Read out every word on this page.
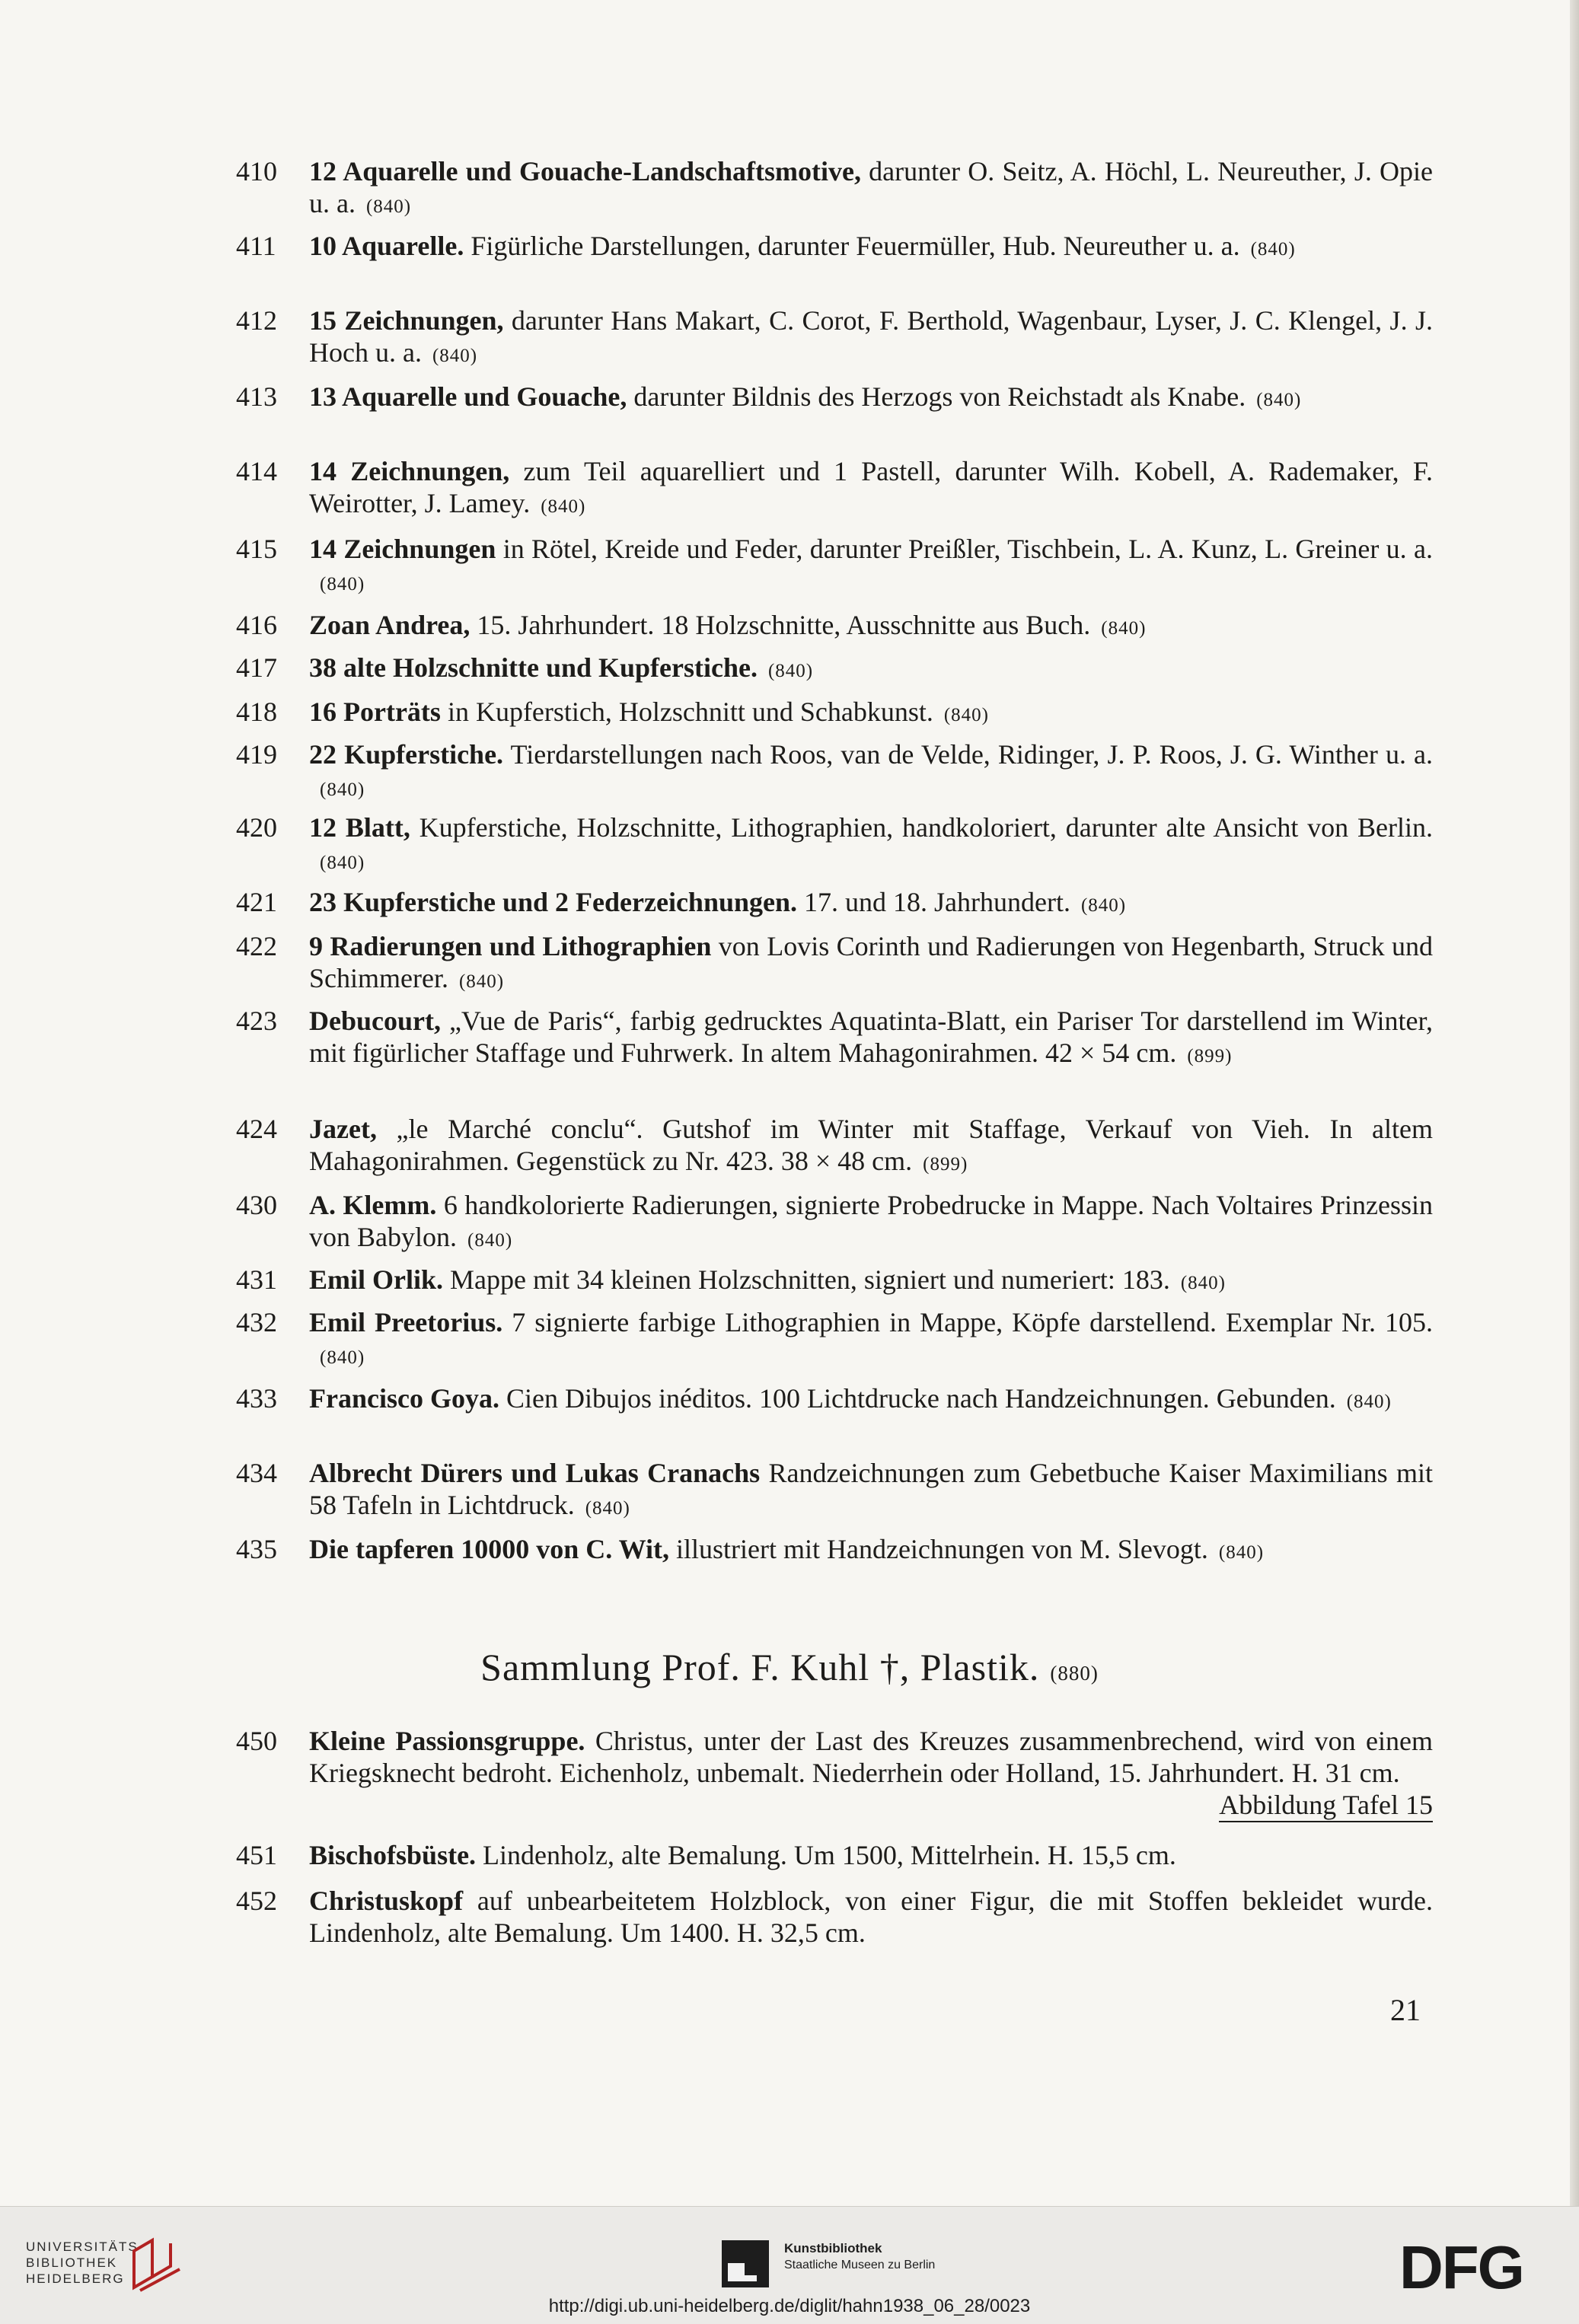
410 12 Aquarelle und Gouache-Landschaftsmotive, darunter O. Seitz, A. Höchl, L. Neureuther, J. Opie u. a. (840)
411 10 Aquarelle. Figürliche Darstellungen, darunter Feuermüller, Hub. Neureuther u. a. (840)
412 15 Zeichnungen, darunter Hans Makart, C. Corot, F. Berthold, Wagenbaur, Lyser, J. C. Klengel, J. J. Hoch u. a. (840)
413 13 Aquarelle und Gouache, darunter Bildnis des Herzogs von Reichstadt als Knabe. (840)
414 14 Zeichnungen, zum Teil aquarelliert und 1 Pastell, darunter Wilh. Kobell, A. Rademaker, F. Weirotter, J. Lamey. (840)
415 14 Zeichnungen in Rötel, Kreide und Feder, darunter Preißler, Tischbein, L. A. Kunz, L. Greiner u. a.(840)
416 Zoan Andrea, 15. Jahrhundert. 18 Holzschnitte, Ausschnitte aus Buch. (840)
417 38 alte Holzschnitte und Kupferstiche. (840)
418 16 Porträts in Kupferstich, Holzschnitt und Schabkunst. (840)
419 22 Kupferstiche. Tierdarstellungen nach Roos, van de Velde, Ridinger, J. P. Roos, J. G. Winther u. a.(840)
420 12 Blatt, Kupferstiche, Holzschnitte, Lithographien, handkoloriert, darunter alte Ansicht von Berlin.(840)
421 23 Kupferstiche und 2 Federzeichnungen. 17. und 18. Jahrhundert. (840)
422 9 Radierungen und Lithographien von Lovis Corinth und Radierungen von Hegenbarth, Struck und Schimmerer. (840)
423 Debucourt, „Vue de Paris“, farbig gedrucktes Aquatinta-Blatt, ein Pariser Tor darstellend im Winter, mit figürlicher Staffage und Fuhrwerk. In altem Mahagonirahmen. 42 × 54 cm. (899)
424 Jazet, „le Marché conclu“. Gutshof im Winter mit Staffage, Verkauf von Vieh. In altem Mahagonirahmen. Gegenstück zu Nr. 423. 38 × 48 cm. (899)
430 A. Klemm. 6 handkolorierte Radierungen, signierte Probedrucke in Mappe. Nach Voltaires Prinzessin von Babylon. (840)
431 Emil Orlik. Mappe mit 34 kleinen Holzschnitten, signiert und numeriert: 183. (840)
432 Emil Preetorius. 7 signierte farbige Lithographien in Mappe, Köpfe darstellend. Exemplar Nr. 105.(840)
433 Francisco Goya. Cien Dibujos inéditos. 100 Lichtdrucke nach Handzeichnungen. Gebunden. (840)
434 Albrecht Dürers und Lukas Cranachs Randzeichnungen zum Gebetbuche Kaiser Maximilians mit 58 Tafeln in Lichtdruck. (840)
435 Die tapferen 10000 von C. Wit, illustriert mit Handzeichnungen von M. Slevogt. (840)
Sammlung Prof. F. Kuhl †, Plastik. (880)
450 Kleine Passionsgruppe. Christus, unter der Last des Kreuzes zusammenbrechend, wird von einem Kriegsknecht bedroht. Eichenholz, unbemalt. Niederrhein oder Holland, 15. Jahrhundert. H. 31 cm.
Abbildung Tafel 15
451 Bischofsbüste. Lindenholz, alte Bemalung. Um 1500, Mittelrhein. H. 15,5 cm.
452 Christuskopf auf unbearbeitetem Holzblock, von einer Figur, die mit Stoffen bekleidet wurde. Lindenholz, alte Bemalung. Um 1400. H. 32,5 cm.
21
UNIVERSITÄTS-
BIBLIOTHEK
HEIDELBERG
Kunstbibliothek
Staatliche Museen zu Berlin	DFG
http://digi.ub.uni-heidelberg.de/diglit/hahn1938_06_28/0023
